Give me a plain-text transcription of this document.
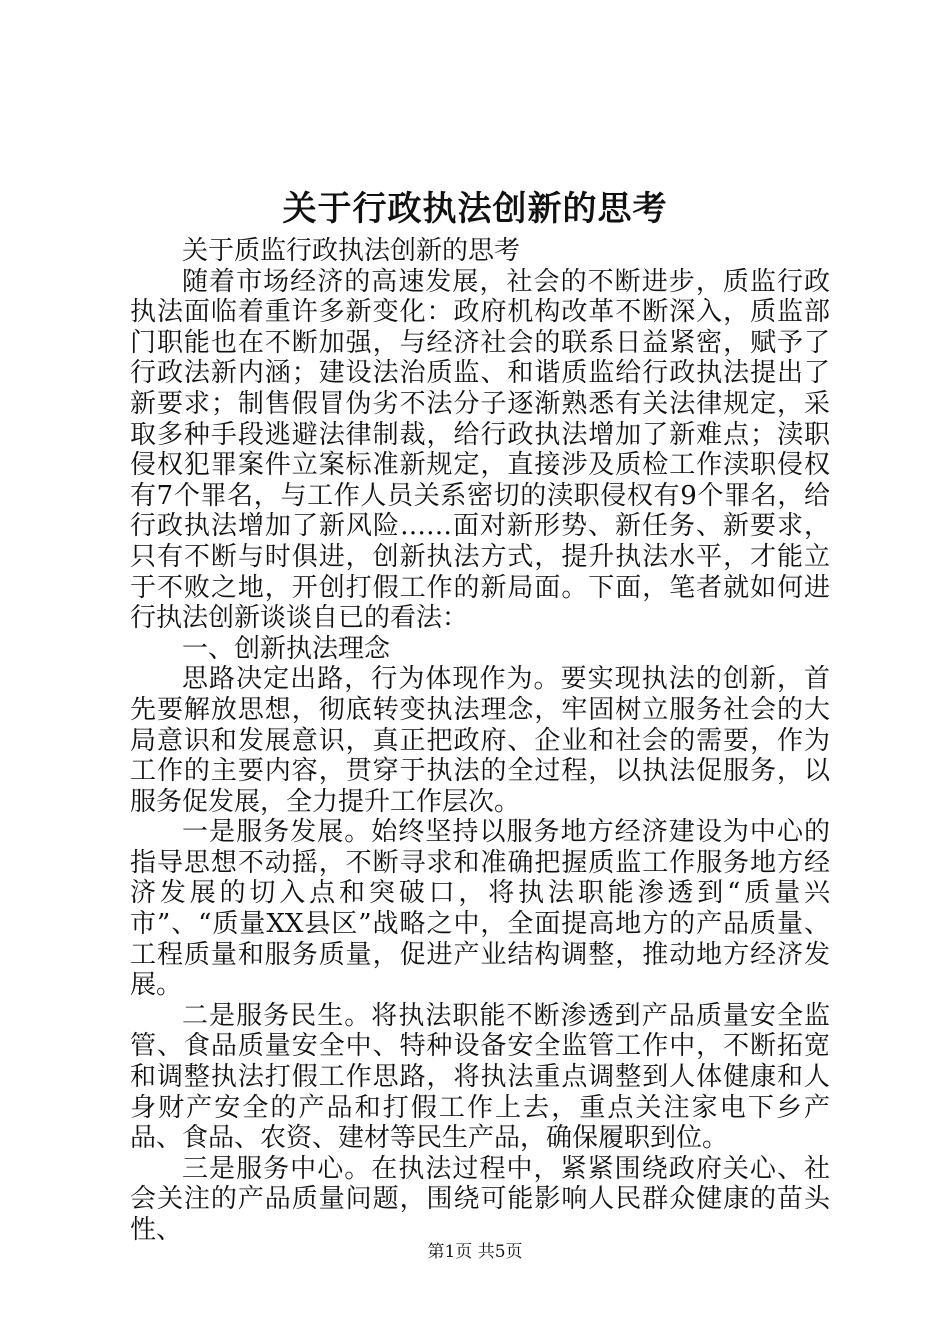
关于行政执法创新的思考

关于质监行政执法创新的思考

随着市场经济的高速发展，社会的不断进步，质监行政执法面临着重许多新变化：政府机构改革不断深入，质监部门职能也在不断加强，与经济社会的联系日益紧密，赋予了行政法新内涵；建设法治质监、和谐质监给行政执法提出了新要求；制售假冒伪劣不法分子逐渐熟悉有关法律规定，采取多种手段逃避法律制裁，给行政执法增加了新难点；渎职侵权犯罪案件立案标准新规定，直接涉及质检工作渎职侵权有7个罪名，与工作人员关系密切的渎职侵权有9个罪名，给行政执法增加了新风险……面对新形势、新任务、新要求，只有不断与时俱进，创新执法方式，提升执法水平，才能立于不败之地，开创打假工作的新局面。下面，笔者就如何进行执法创新谈谈自已的看法：

一、创新执法理念

思路决定出路，行为体现作为。要实现执法的创新，首先要解放思想，彻底转变执法理念，牢固树立服务社会的大局意识和发展意识，真正把政府、企业和社会的需要，作为工作的主要内容，贯穿于执法的全过程，以执法促服务，以服务促发展，全力提升工作层次。

一是服务发展。始终坚持以服务地方经济建设为中心的指导思想不动摇，不断寻求和准确把握质监工作服务地方经济发展的切入点和突破口，将执法职能渗透到“质量兴市”、“质量XX县区”战略之中，全面提高地方的产品质量、工程质量和服务质量，促进产业结构调整，推动地方经济发展。

二是服务民生。将执法职能不断渗透到产品质量安全监管、食品质量安全中、特种设备安全监管工作中，不断拓宽和调整执法打假工作思路，将执法重点调整到人体健康和人身财产安全的产品和打假工作上去，重点关注家电下乡产品、食品、农资、建材等民生产品，确保履职到位。

三是服务中心。在执法过程中，紧紧围绕政府关心、社会关注的产品质量问题，围绕可能影响人民群众健康的苗头性、

第1页 共5页
